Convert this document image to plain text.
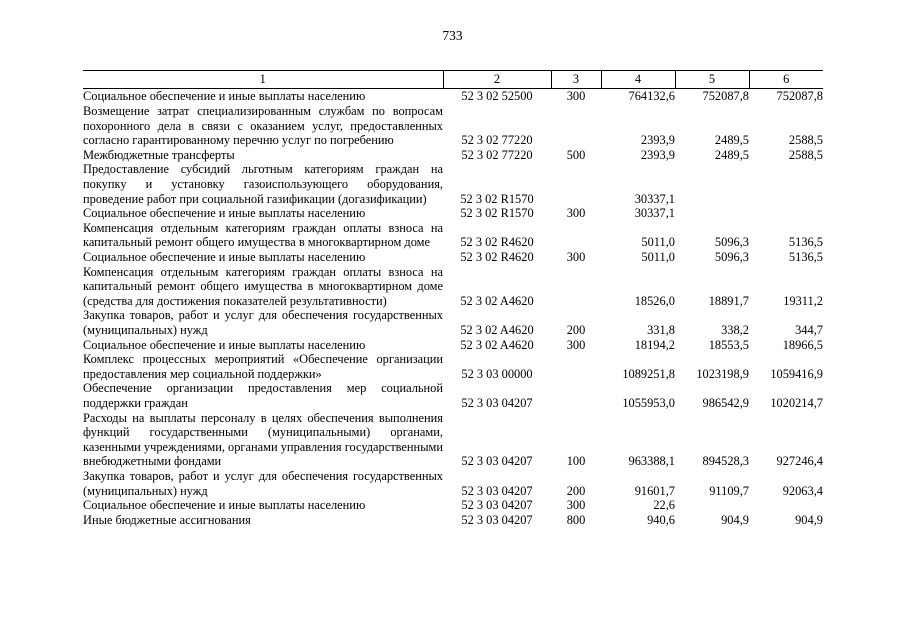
733
1	2	3	4	5	6
Социальное обеспечение и иные выплаты населению	52 3 02 52500	300	764132,6	752087,8	752087,8
Возмещение затрат специализированным службам по вопросам похоронного дела в связи с оказанием услуг, предоставленных согласно гарантированному перечню услуг по погребению	52 3 02 77220		2393,9	2489,5	2588,5
Межбюджетные трансферты	52 3 02 77220	500	2393,9	2489,5	2588,5
Предоставление субсидий льготным категориям граждан на покупку и установку газоиспользующего оборудования, проведение работ при социальной газификации (догазификации)	52 3 02 R1570		30337,1		
Социальное обеспечение и иные выплаты населению	52 3 02 R1570	300	30337,1		
Компенсация отдельным категориям граждан оплаты взноса на капитальный ремонт общего имущества в многоквартирном доме	52 3 02 R4620		5011,0	5096,3	5136,5
Социальное обеспечение и иные выплаты населению	52 3 02 R4620	300	5011,0	5096,3	5136,5
Компенсация отдельным категориям граждан оплаты взноса на капитальный ремонт общего имущества в многоквартирном доме (средства для достижения показателей результативности)	52 3 02 A4620		18526,0	18891,7	19311,2
Закупка товаров, работ и услуг для обеспечения государственных (муниципальных) нужд	52 3 02 A4620	200	331,8	338,2	344,7
Социальное обеспечение и иные выплаты населению	52 3 02 A4620	300	18194,2	18553,5	18966,5
Комплекс процессных мероприятий «Обеспечение организации предоставления мер социальной поддержки»	52 3 03 00000		1089251,8	1023198,9	1059416,9
Обеспечение организации предоставления мер социальной поддержки граждан	52 3 03 04207		1055953,0	986542,9	1020214,7
Расходы на выплаты персоналу в целях обеспечения выполнения функций государственными (муниципальными) органами, казенными учреждениями, органами управления государственными внебюджетными фондами	52 3 03 04207	100	963388,1	894528,3	927246,4
Закупка товаров, работ и услуг для обеспечения государственных (муниципальных) нужд	52 3 03 04207	200	91601,7	91109,7	92063,4
Социальное обеспечение и иные выплаты населению	52 3 03 04207	300	22,6		
Иные бюджетные ассигнования	52 3 03 04207	800	940,6	904,9	904,9
